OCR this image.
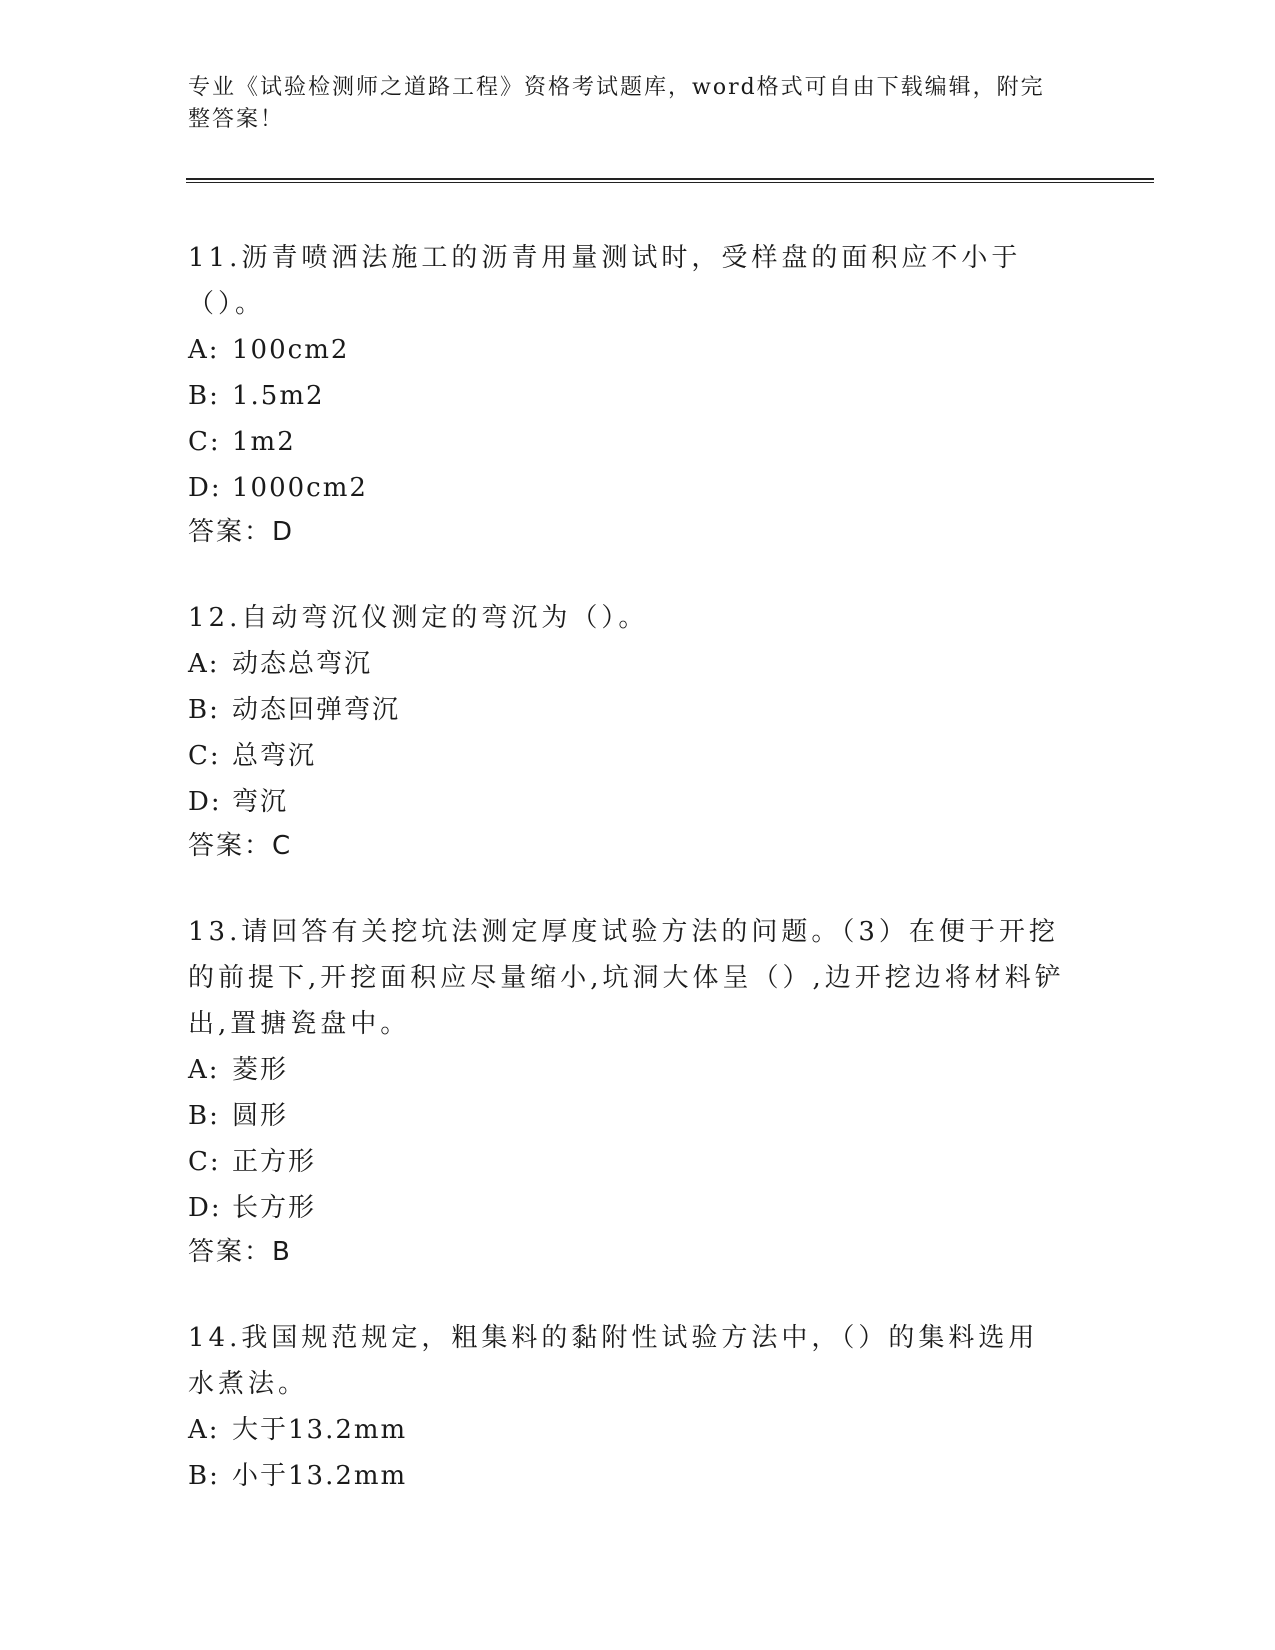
专业《试验检测师之道路工程》资格考试题库，word格式可自由下载编辑，附完整答案！

11.沥青喷洒法施工的沥青用量测试时，受样盘的面积应不小于（）。

A: 100cm2

B: 1.5m2

C: 1m2

D: 1000cm2

答案：D

12.自动弯沉仪测定的弯沉为（）。

A: 动态总弯沉

B: 动态回弹弯沉

C: 总弯沉

D: 弯沉

答案：C

13.请回答有关挖坑法测定厚度试验方法的问题。（3）在便于开挖的前提下,开挖面积应尽量缩小,坑洞大体呈（）,边开挖边将材料铲出,置搪瓷盘中。

A: 菱形

B: 圆形

C: 正方形

D: 长方形

答案：B

14.我国规范规定，粗集料的黏附性试验方法中，（）的集料选用水煮法。

A: 大于13.2mm

B: 小于13.2mm
